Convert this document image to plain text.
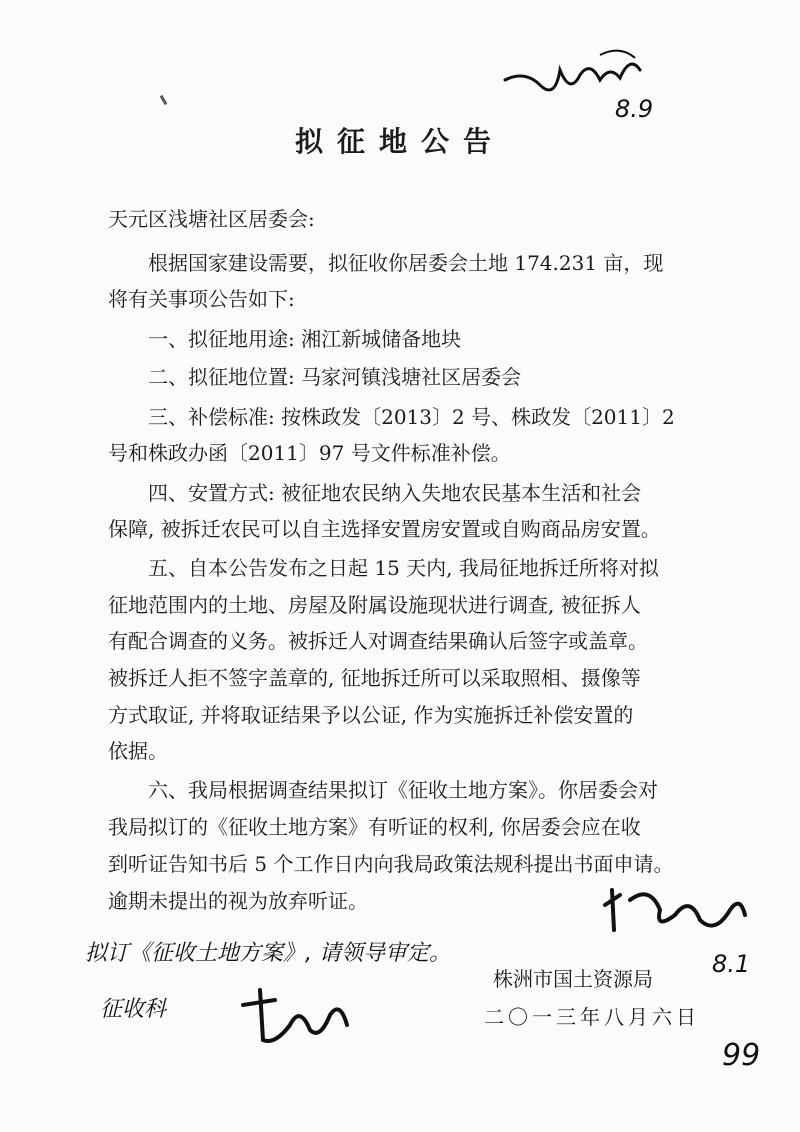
8.9
拟征地公告
天元区浅塘社区居委会:
根据国家建设需要，拟征收你居委会土地 174.231 亩，现
将有关事项公告如下:
一、拟征地用途: 湘江新城储备地块
二、拟征地位置: 马家河镇浅塘社区居委会
三、补偿标准: 按株政发〔2013〕2 号、株政发〔2011〕2
号和株政办函〔2011〕97 号文件标准补偿。
四、安置方式: 被征地农民纳入失地农民基本生活和社会
保障, 被拆迁农民可以自主选择安置房安置或自购商品房安置。
五、自本公告发布之日起 15 天内, 我局征地拆迁所将对拟
征地范围内的土地、房屋及附属设施现状进行调查, 被征拆人
有配合调查的义务。被拆迁人对调查结果确认后签字或盖章。
被拆迁人拒不签字盖章的, 征地拆迁所可以采取照相、摄像等
方式取证, 并将取证结果予以公证, 作为实施拆迁补偿安置的
依据。
六、我局根据调查结果拟订《征收土地方案》。你居委会对
我局拟订的《征收土地方案》有听证的权利, 你居委会应在收
到听证告知书后 5 个工作日内向我局政策法规科提出书面申请。
逾期未提出的视为放弃听证。
8.1
拟订《征收土地方案》, 请领导审定。
征收科
株洲市国土资源局
二〇一三年八月六日
99
